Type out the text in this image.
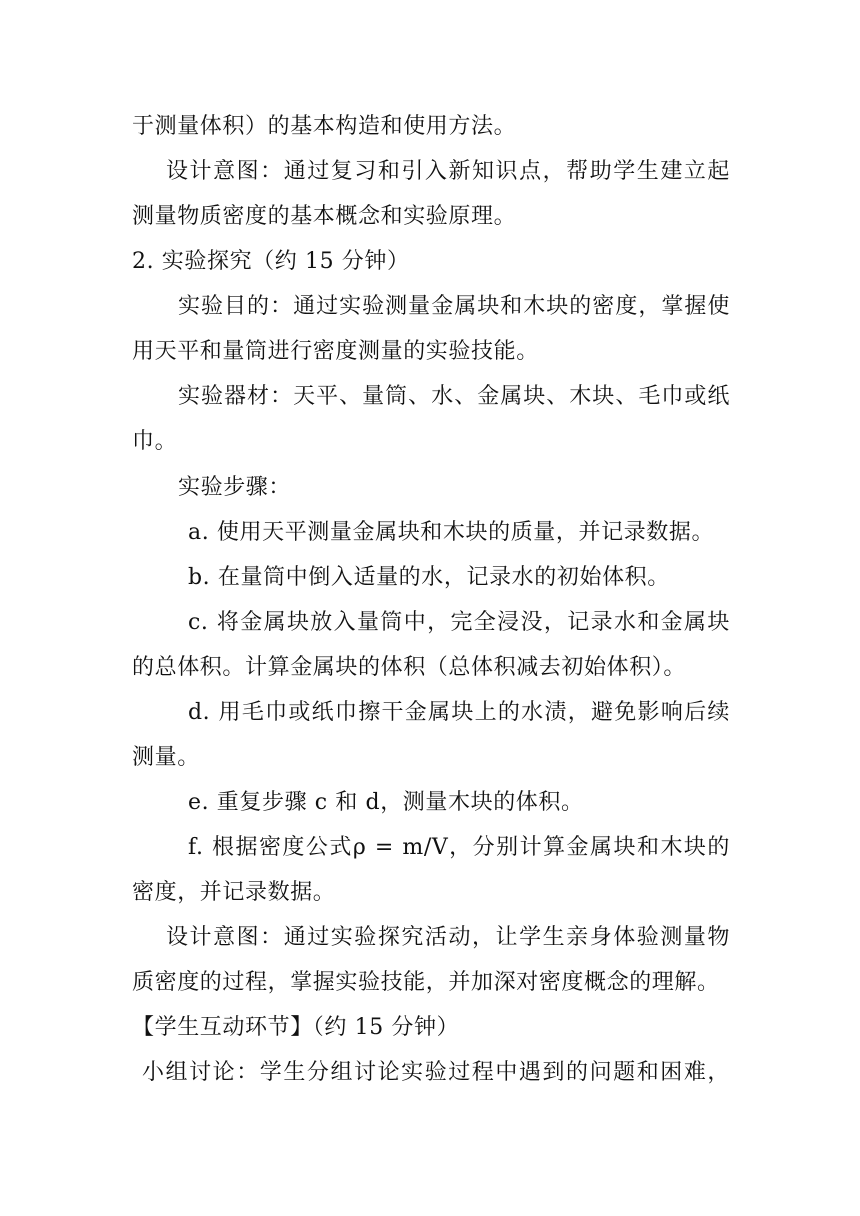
于测量体积）的基本构造和使用方法。
设计意图：通过复习和引入新知识点，帮助学生建立起
测量物质密度的基本概念和实验原理。
2. 实验探究（约 15 分钟）
实验目的：通过实验测量金属块和木块的密度，掌握使
用天平和量筒进行密度测量的实验技能。
实验器材：天平、量筒、水、金属块、木块、毛巾或纸
巾。
实验步骤：
a. 使用天平测量金属块和木块的质量，并记录数据。
b. 在量筒中倒入适量的水，记录水的初始体积。
c. 将金属块放入量筒中，完全浸没，记录水和金属块
的总体积。计算金属块的体积（总体积减去初始体积）。
d. 用毛巾或纸巾擦干金属块上的水渍，避免影响后续
测量。
e. 重复步骤 c 和 d，测量木块的体积。
f. 根据密度公式ρ = m/V，分别计算金属块和木块的
密度，并记录数据。
设计意图：通过实验探究活动，让学生亲身体验测量物
质密度的过程，掌握实验技能，并加深对密度概念的理解。
【学生互动环节】（约 15 分钟）
小组讨论：学生分组讨论实验过程中遇到的问题和困难，
